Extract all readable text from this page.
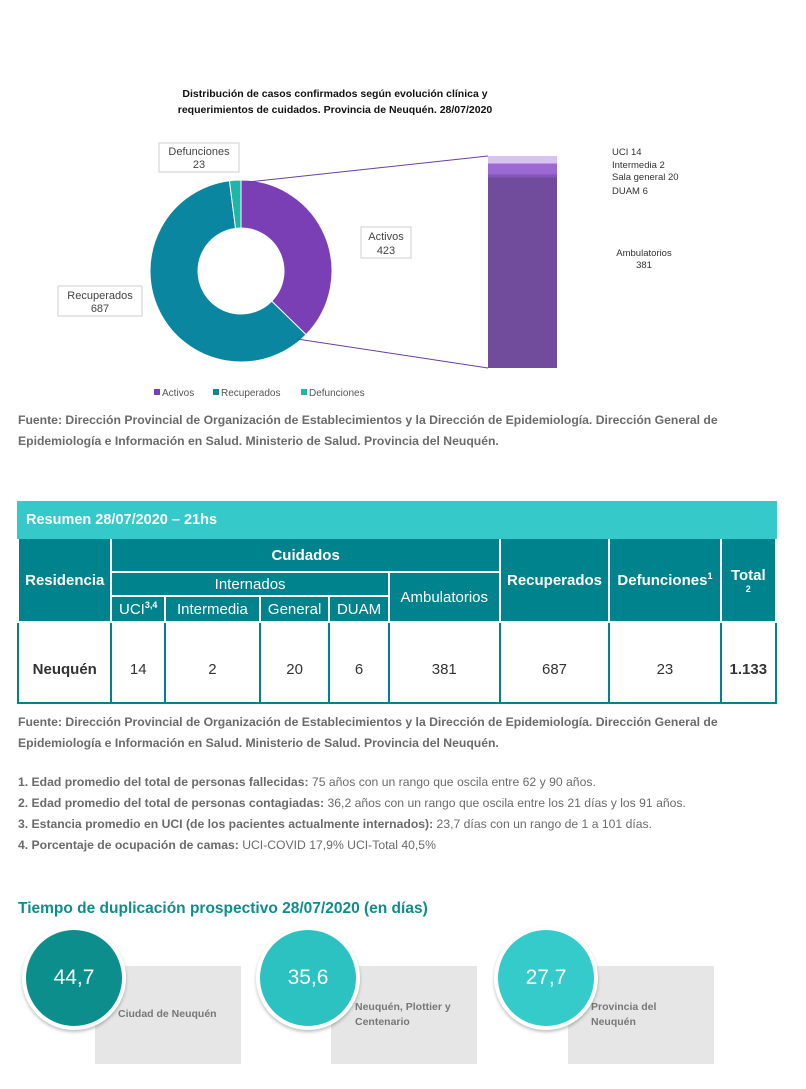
Distribución de casos confirmados según evolución clínica y
requerimientos de cuidados. Provincia de Neuquén. 28/07/2020
Defunciones
23
Activos
423
Recuperados
687
UCI 14
Intermedia 2
Sala general 20
DUAM 6
Ambulatorios
381
Activos	Recuperados	Defunciones
Fuente: Dirección Provincial de Organización de Establecimientos y la Dirección de Epidemiología. Dirección General de Epidemiología e Información en Salud. Ministerio de Salud. Provincia del Neuquén.
Resumen 28/07/2020 – 21hs								
Residencia	Cuidados					Recuperados	Defunciones$^1$	Total
2

	Internados				Ambulatorios			
	UCI$^{3,4}$	Intermedia	General	DUAM				
Neuquén	14	2	20	6	381	687	23	1.133
Fuente: Dirección Provincial de Organización de Establecimientos y la Dirección de Epidemiología. Dirección General de Epidemiología e Información en Salud. Ministerio de Salud. Provincia del Neuquén.

1. Edad promedio del total de personas fallecidas: 75 años con un rango que oscila entre 62 y 90 años.

2. Edad promedio del total de personas contagiadas: 36,2 años con un rango que oscila entre los 21 días y los 91 años.

3. Estancia promedio en UCI (de los pacientes actualmente internados): 23,7 días con un rango de 1 a 101 días.

4. Porcentaje de ocupación de camas: UCI-COVID 17,9% UCI-Total 40,5%

Tiempo de duplicación prospectivo 28/07/2020 (en días)
Ciudad de Neuquén
44,7
Neuquén, Plottier y
Centenario
35,6
Provincia del
Neuquén
27,7
